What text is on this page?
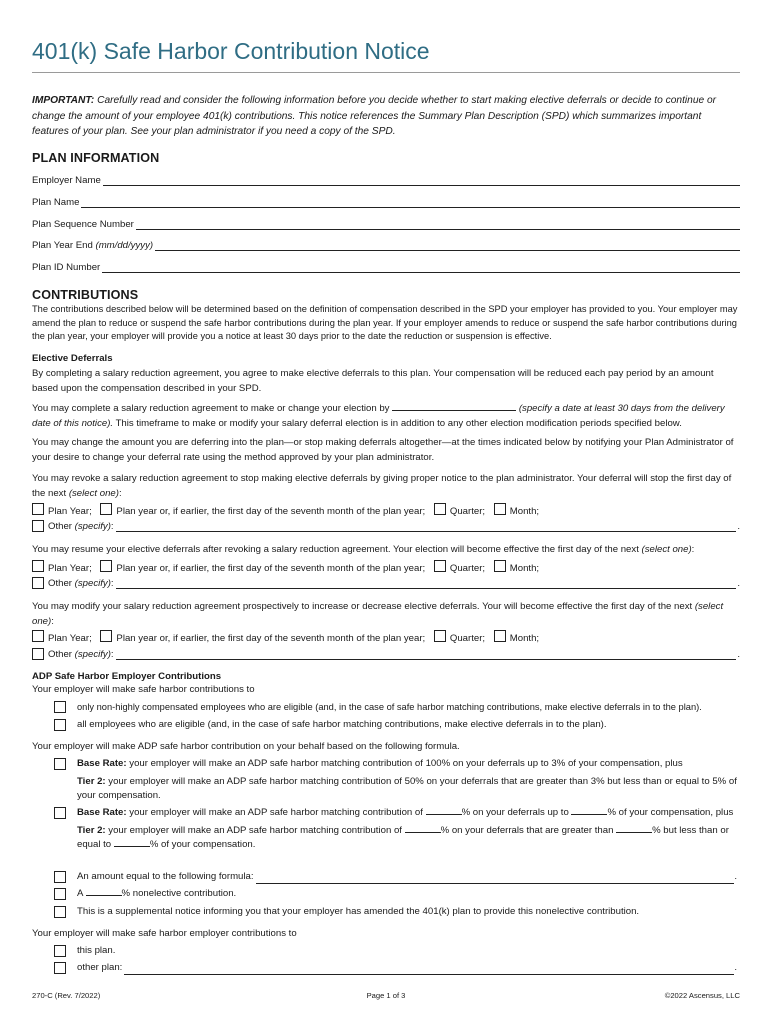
401(k) Safe Harbor Contribution Notice
IMPORTANT: Carefully read and consider the following information before you decide whether to start making elective deferrals or decide to continue or change the amount of your employee 401(k) contributions. This notice references the Summary Plan Description (SPD) which summarizes important features of your plan. See your plan administrator if you need a copy of the SPD.
PLAN INFORMATION
Employer Name
Plan Name
Plan Sequence Number
Plan Year End (mm/dd/yyyy)
Plan ID Number
CONTRIBUTIONS
The contributions described below will be determined based on the definition of compensation described in the SPD your employer has provided to you. Your employer may amend the plan to reduce or suspend the safe harbor contributions during the plan year. If your employer amends to reduce or suspend the safe harbor contributions during the plan year, your employer will provide you a notice at least 30 days prior to the date the reduction or suspension is effective.
Elective Deferrals
By completing a salary reduction agreement, you agree to make elective deferrals to this plan. Your compensation will be reduced each pay period by an amount based upon the compensation described in your SPD.
You may complete a salary reduction agreement to make or change your election by	(specify a date at least 30 days from the delivery date of this notice). This timeframe to make or modify your salary deferral election is in addition to any other election modification periods specified below.
You may change the amount you are deferring into the plan—or stop making deferrals altogether—at the times indicated below by notifying your Plan Administrator of your desire to change your deferral rate using the method approved by your plan administrator.
You may revoke a salary reduction agreement to stop making elective deferrals by giving proper notice to the plan administrator. Your deferral will stop the first day of the next (select one):
Plan Year;	Plan year or, if earlier, the first day of the seventh month of the plan year;	Quarter;	Month;
Other (specify):	.
You may resume your elective deferrals after revoking a salary reduction agreement. Your election will become effective the first day of the next (select one):
Plan Year;	Plan year or, if earlier, the first day of the seventh month of the plan year;	Quarter;	Month;
Other (specify):	.
You may modify your salary reduction agreement prospectively to increase or decrease elective deferrals. Your will become effective the first day of the next (select one):
Plan Year;	Plan year or, if earlier, the first day of the seventh month of the plan year;	Quarter;	Month;
Other (specify):	.
ADP Safe Harbor Employer Contributions
Your employer will make safe harbor contributions to
only non-highly compensated employees who are eligible (and, in the case of safe harbor matching contributions, make elective deferrals in to the plan).
all employees who are eligible (and, in the case of safe harbor matching contributions, make elective deferrals in to the plan).
Your employer will make ADP safe harbor contribution on your behalf based on the following formula.
Base Rate: your employer will make an ADP safe harbor matching contribution of 100% on your deferrals up to 3% of your compensation, plus
Tier 2: your employer will make an ADP safe harbor matching contribution of 50% on your deferrals that are greater than 3% but less than or equal to 5% of your compensation.
Base Rate: your employer will make an ADP safe harbor matching contribution of	% on your deferrals up to	% of your compensation, plus
Tier 2: your employer will make an ADP safe harbor matching contribution of	% on your deferrals that are greater than	% but less than or equal to	% of your compensation.
An amount equal to the following formula:	.
A	% nonelective contribution.
This is a supplemental notice informing you that your employer has amended the 401(k) plan to provide this nonelective contribution.
Your employer will make safe harbor employer contributions to
this plan.
other plan:	.
270-C (Rev. 7/2022)	Page 1 of 3	©2022 Ascensus, LLC
